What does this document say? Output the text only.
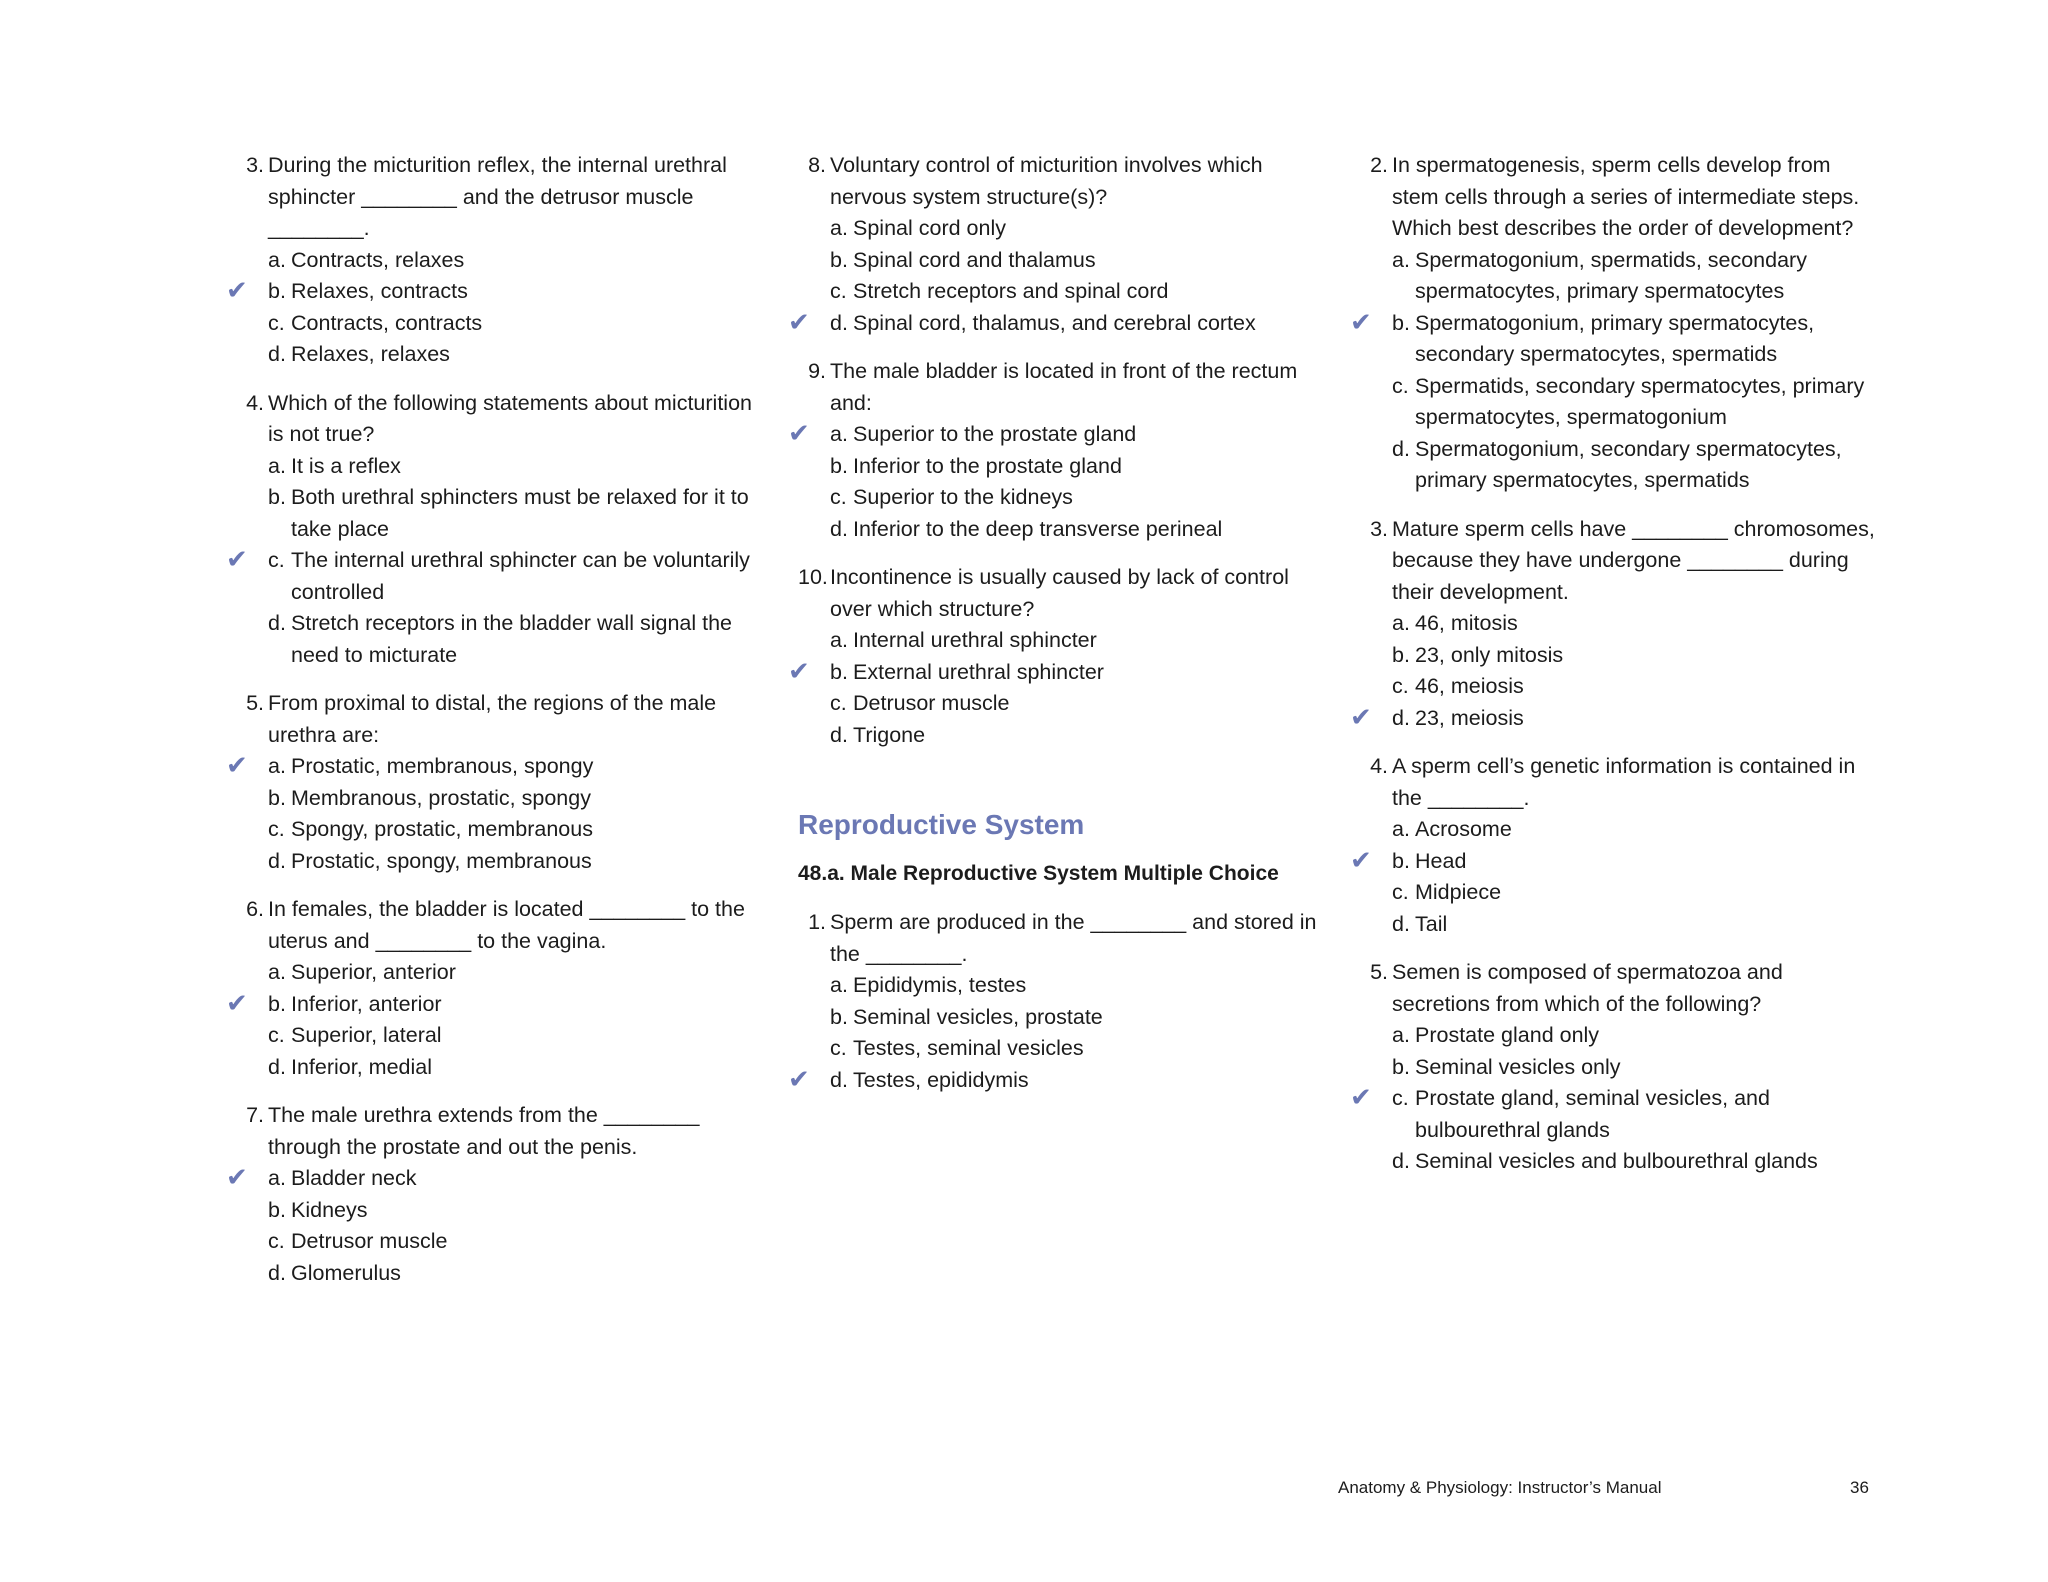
3. During the micturition reflex, the internal urethral sphincter ________ and the detrusor muscle ________.
a. Contracts, relaxes
✔ b. Relaxes, contracts
c. Contracts, contracts
d. Relaxes, relaxes
4. Which of the following statements about micturition is not true?
a. It is a reflex
b. Both urethral sphincters must be relaxed for it to take place
✔ c. The internal urethral sphincter can be voluntarily controlled
d. Stretch receptors in the bladder wall signal the need to micturate
5. From proximal to distal, the regions of the male urethra are:
✔ a. Prostatic, membranous, spongy
b. Membranous, prostatic, spongy
c. Spongy, prostatic, membranous
d. Prostatic, spongy, membranous
6. In females, the bladder is located ________ to the uterus and ________ to the vagina.
a. Superior, anterior
✔ b. Inferior, anterior
c. Superior, lateral
d. Inferior, medial
7. The male urethra extends from the ________ through the prostate and out the penis.
✔ a. Bladder neck
b. Kidneys
c. Detrusor muscle
d. Glomerulus
8. Voluntary control of micturition involves which nervous system structure(s)?
a. Spinal cord only
b. Spinal cord and thalamus
c. Stretch receptors and spinal cord
✔ d. Spinal cord, thalamus, and cerebral cortex
9. The male bladder is located in front of the rectum and:
✔ a. Superior to the prostate gland
b. Inferior to the prostate gland
c. Superior to the kidneys
d. Inferior to the deep transverse perineal
10. Incontinence is usually caused by lack of control over which structure?
a. Internal urethral sphincter
✔ b. External urethral sphincter
c. Detrusor muscle
d. Trigone
Reproductive System
48.a. Male Reproductive System Multiple Choice
1. Sperm are produced in the ________ and stored in the ________.
a. Epididymis, testes
b. Seminal vesicles, prostate
c. Testes, seminal vesicles
✔ d. Testes, epididymis
2. In spermatogenesis, sperm cells develop from stem cells through a series of intermediate steps. Which best describes the order of development?
a. Spermatogonium, spermatids, secondary spermatocytes, primary spermatocytes
✔ b. Spermatogonium, primary spermatocytes, secondary spermatocytes, spermatids
c. Spermatids, secondary spermatocytes, primary spermatocytes, spermatogonium
d. Spermatogonium, secondary spermatocytes, primary spermatocytes, spermatids
3. Mature sperm cells have ________ chromosomes, because they have undergone ________ during their development.
a. 46, mitosis
b. 23, only mitosis
c. 46, meiosis
✔ d. 23, meiosis
4. A sperm cell’s genetic information is contained in the ________.
a. Acrosome
✔ b. Head
c. Midpiece
d. Tail
5. Semen is composed of spermatozoa and secretions from which of the following?
a. Prostate gland only
b. Seminal vesicles only
✔ c. Prostate gland, seminal vesicles, and bulbourethral glands
d. Seminal vesicles and bulbourethral glands
Anatomy & Physiology: Instructor’s Manual	36
